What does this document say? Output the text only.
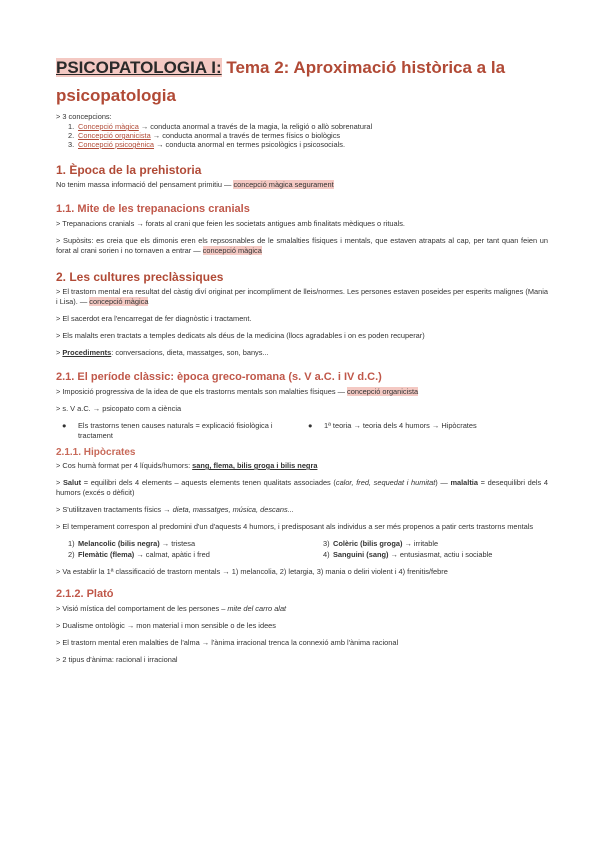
PSICOPATOLOGIA I: Tema 2: Aproximació històrica a la psicopatologia

> 3 concepcions:

1. Concepció màgica → conducta anormal a través de la magia, la religió o allò sobrenatural
2. Concepció organicista → conducta anormal a través de termes físics o biològics
3. Concepció psicogènica → conducta anormal en termes psicològics i psicosocials.
1. Època de la prehistoria

No tenim massa informació del pensament primitiu — concepció màgica segurament

1.1. Mite de les trepanacions cranials

> Trepanacions cranials → forats al crani que feien les societats antigues amb finalitats mèdiques o rituals.

> Supòsits: es creia que els dimonis eren els repsosnables de le smalalties físiques i mentals, que estaven atrapats al cap, per tant quan feien un forat al crani sorien i no tornaven a entrar — concepció màgica

2. Les cultures preclàssiques

> El trastorn mental era resultat del càstig diví originat per incompliment de lleis/normes. Les persones estaven poseides per esperits malignes (Mania i Lisa). — concepció màgica

> El sacerdot era l'encarregat de fer diagnòstic i tractament.

> Els malalts eren tractats a temples dedicats als déus de la medicina (llocs agradables i on es poden recuperar)

> Procediments: conversacions, dieta, massatges, son, banys...

2.1. El període clàssic: època greco-romana (s. V a.C. i IV d.C.)

> Imposició progressiva de la idea de que els trastorns mentals son malalties físiques — concepció organicista

> s. V a.C. → psicopato com a ciència

● Els trastorns tenen causes naturals = explicació fisiològica i tractament
● 1ª teoria → teoria dels 4 humors → Hipòcrates
2.1.1. Hipòcrates

> Cos humà format per 4 líquids/humors: sang, flema, bilis groga i bilis negra

> Salut = equilibri dels 4 elements – aquests elements tenen qualitats associades (calor, fred, sequedat i humitat) — malaltia = desequilibri dels 4 humors (excés o dèficit)

> S'utilitzaven tractaments físics → dieta, massatges, música, descans...

> El temperament correspon al predomini d'un d'aquests 4 humors, i predisposant als individus a ser més propenos a patir certs trastorns mentals

1) Melancolic (bilis negra) → tristesa	3) Colèric (bilis groga) → irritable
2) Flemàtic (flema) → calmat, apàtic i fred	4) Sanguini (sang) → entusiasmat, actiu i sociable

> Va establir la 1ª classificació de trastorn mentals → 1) melancolia, 2) letargia, 3) mania o deliri violent i 4) frenitis/febre

2.1.2. Plató

> Visió mística del comportament de les persones – mite del carro alat

> Dualisme ontològic → mon material i mon sensible o de les idees

> El trastorn mental eren malalties de l'alma → l'ànima irracional trenca la connexió amb l'ànima racional

> 2 tipus d'ànima: racional i irracional
